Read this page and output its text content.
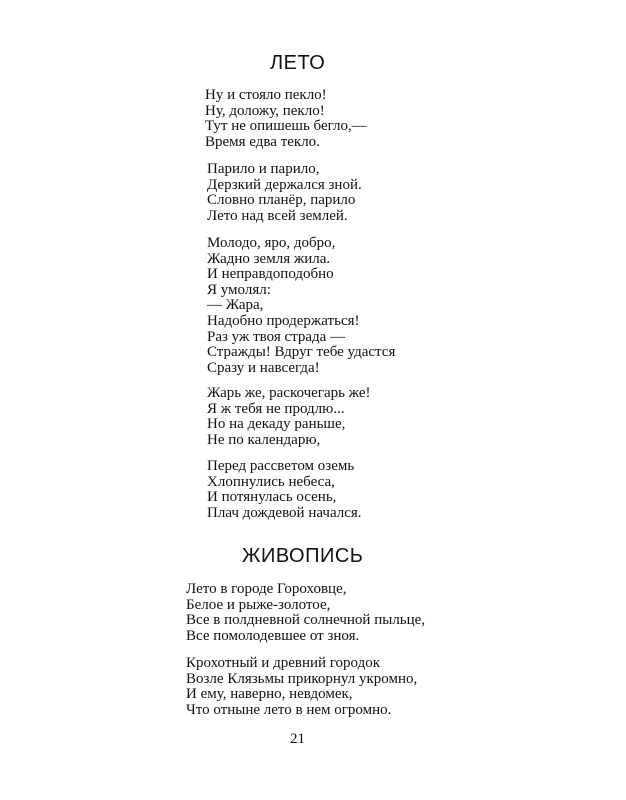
ЛЕТО

Ну и стояло пекло!
Ну, доложу, пекло!
Тут не опишешь бегло,—
Время едва текло.

Парило и парило,
Дерзкий держался зной.
Словно планёр, парило
Лето над всей землей.

Молодо, яро, добро,
Жадно земля жила.
И неправдоподобно
Я умолял:
— Жара,
Надобно продержаться!
Раз уж твоя страда —
Стражды! Вдруг тебе удастся
Сразу и навсегда!

Жарь же, раскочегарь же!
Я ж тебя не продлю...
Но на декаду раньше,
Не по календарю,

Перед рассветом оземь
Хлопнулись небеса,
И потянулась осень,
Плач дождевой начался.

ЖИВОПИСЬ

Лето в городе Гороховце,
Белое и рыже-золотое,
Все в полдневной солнечной пыльце,
Все помолодевшее от зноя.

Крохотный и древний городок
Возле Клязьмы прикорнул укромно,
И ему, наверно, невдомек,
Что отныне лето в нем огромно.

21
